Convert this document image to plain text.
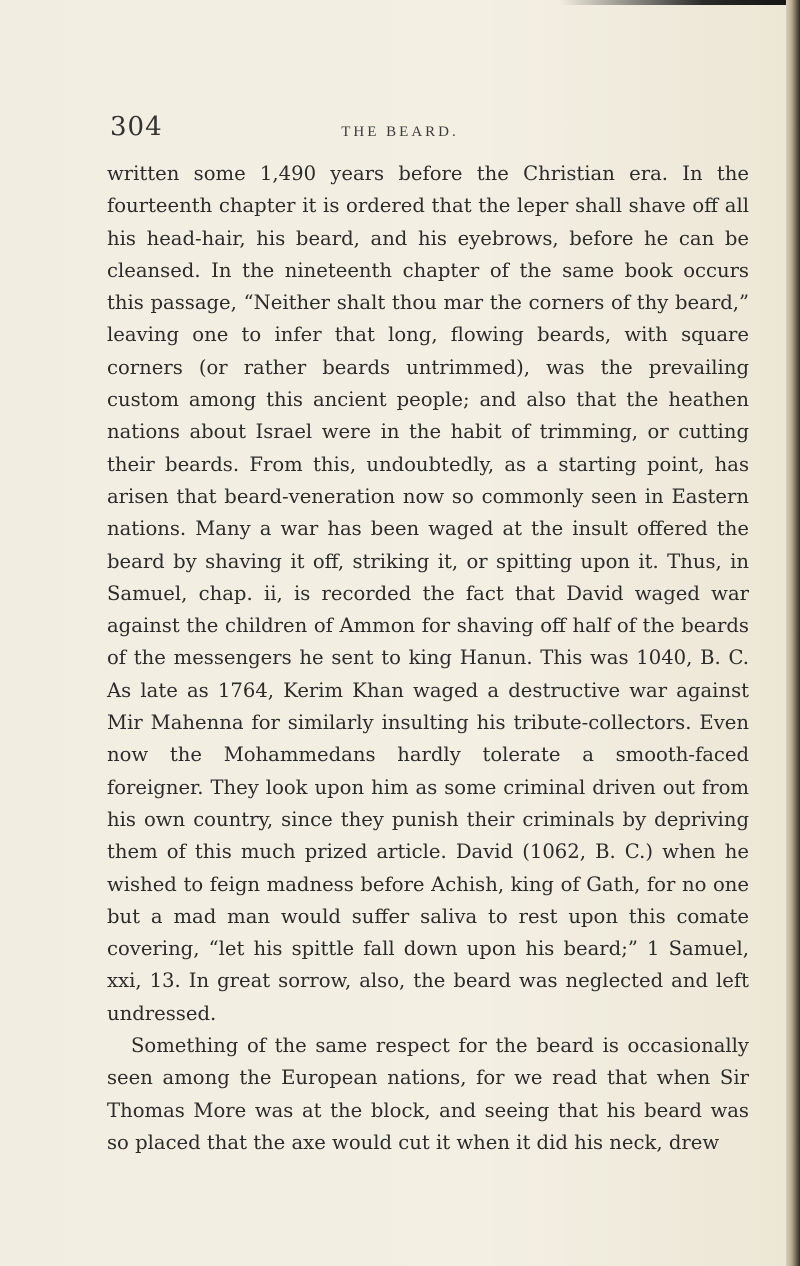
304	THE BEARD.

written some 1,490 years before the Christian era. In the fourteenth chapter it is ordered that the leper shall shave off all his head-hair, his beard, and his eyebrows, before he can be cleansed. In the nineteenth chapter of the same book occurs this passage, “Neither shalt thou mar the corners of thy beard,” leaving one to infer that long, flowing beards, with square corners (or rather beards untrimmed), was the prevailing custom among this ancient people; and also that the heathen nations about Israel were in the habit of trimming, or cutting their beards. From this, undoubtedly, as a starting point, has arisen that beard-veneration now so commonly seen in Eastern nations. Many a war has been waged at the insult offered the beard by shaving it off, striking it, or spitting upon it. Thus, in Samuel, chap. ii, is recorded the fact that David waged war against the children of Ammon for shaving off half of the beards of the messengers he sent to king Hanun. This was 1040, B. C. As late as 1764, Kerim Khan waged a destructive war against Mir Mahenna for similarly insulting his tribute-collectors. Even now the Mohammedans hardly tolerate a smooth-faced foreigner. They look upon him as some criminal driven out from his own country, since they punish their criminals by depriving them of this much prized article. David (1062, B. C.) when he wished to feign madness before Achish, king of Gath, for no one but a mad man would suffer saliva to rest upon this comate covering, “let his spittle fall down upon his beard;” 1 Samuel, xxi, 13. In great sorrow, also, the beard was neglected and left undressed.

Something of the same respect for the beard is occasionally seen among the European nations, for we read that when Sir Thomas More was at the block, and seeing that his beard was so placed that the axe would cut it when it did his neck, drew
